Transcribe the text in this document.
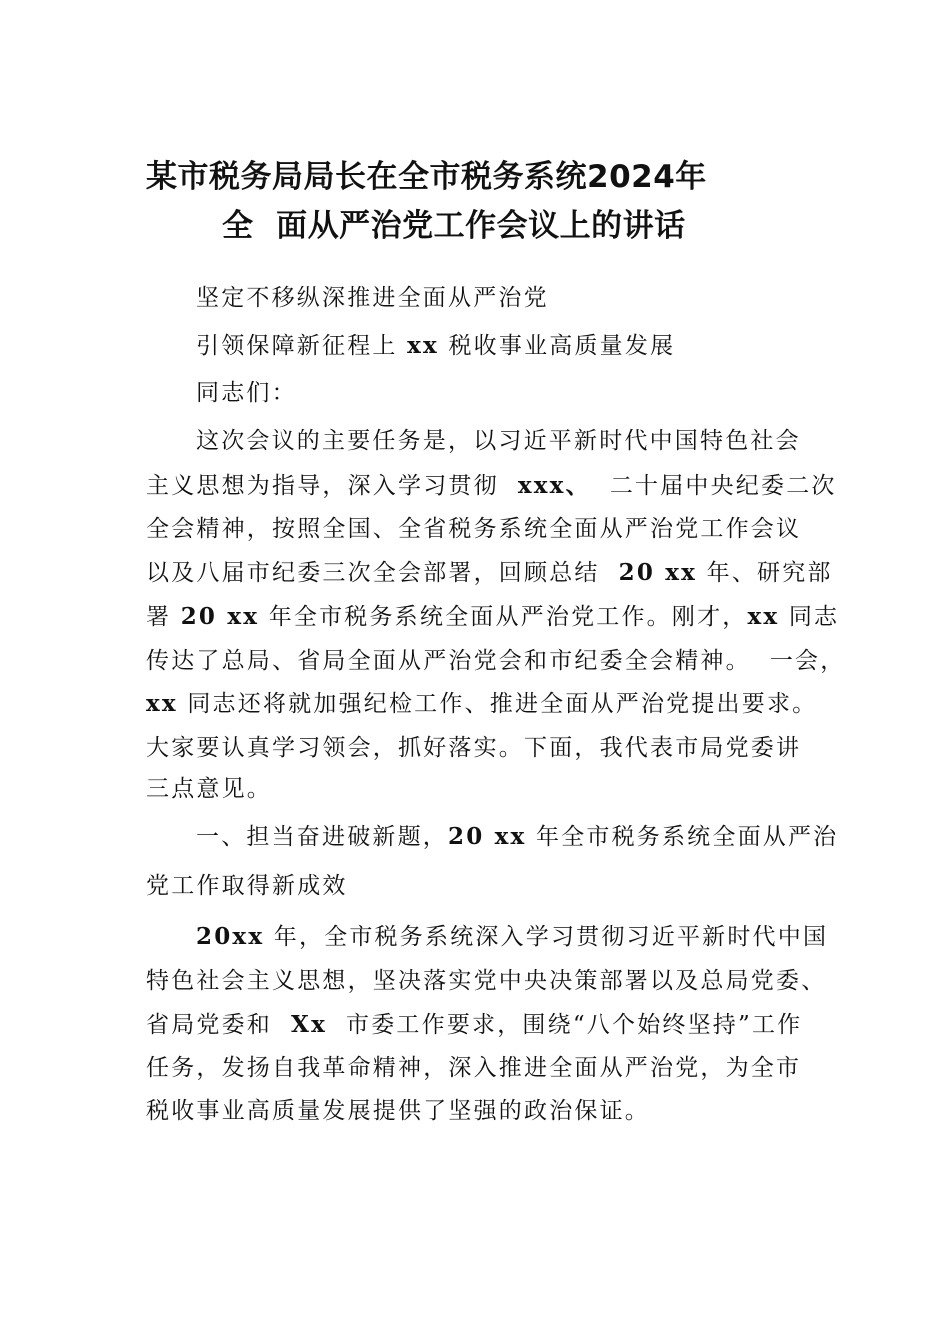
某市税务局局长在全市税务系统2024年
全  面从严治党工作会议上的讲话

坚定不移纵深推进全面从严治党

引领保障新征程上 xx 税收事业高质量发展

同志们：

这次会议的主要任务是，以习近平新时代中国特色社会

主义思想为指导，深入学习贯彻 xxx、 二十届中央纪委二次

全会精神，按照全国、全省税务系统全面从严治党工作会议

以及八届市纪委三次全会部署，回顾总结 20 xx 年、研究部

署 20 xx 年全市税务系统全面从严治党工作。刚才，xx 同志

传达了总局、省局全面从严治党会和市纪委全会精神。  一会，

xx 同志还将就加强纪检工作、推进全面从严治党提出要求。

大家要认真学习领会，抓好落实。下面，我代表市局党委讲

三点意见。

一、担当奋进破新题，20 xx 年全市税务系统全面从严治

党工作取得新成效

20xx 年，全市税务系统深入学习贯彻习近平新时代中国

特色社会主义思想，坚决落实党中央决策部署以及总局党委、

省局党委和 Xx 市委工作要求，围绕“八个始终坚持”工作

任务，发扬自我革命精神，深入推进全面从严治党，为全市

税收事业高质量发展提供了坚强的政治保证。
